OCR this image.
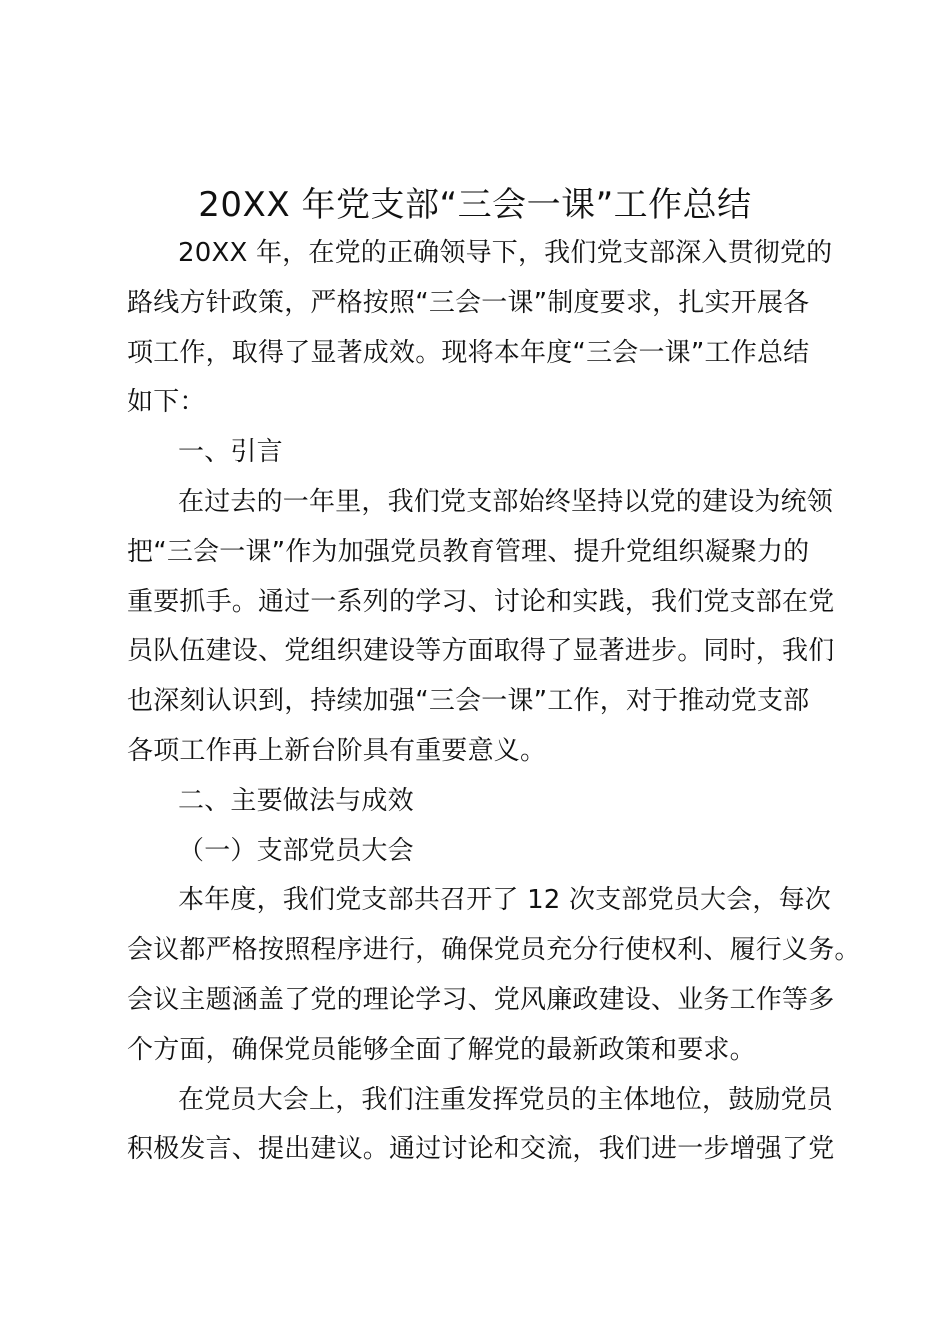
20XX 年党支部“三会一课”工作总结
20XX 年，在党的正确领导下，我们党支部深入贯彻党的
路线方针政策，严格按照“三会一课”制度要求，扎实开展各
项工作，取得了显著成效。现将本年度“三会一课”工作总结
如下：
一、引言
在过去的一年里，我们党支部始终坚持以党的建设为统领
把“三会一课”作为加强党员教育管理、提升党组织凝聚力的
重要抓手。通过一系列的学习、讨论和实践，我们党支部在党
员队伍建设、党组织建设等方面取得了显著进步。同时，我们
也深刻认识到，持续加强“三会一课”工作，对于推动党支部
各项工作再上新台阶具有重要意义。
二、主要做法与成效
（一）支部党员大会
本年度，我们党支部共召开了 12 次支部党员大会，每次
会议都严格按照程序进行，确保党员充分行使权利、履行义务。
会议主题涵盖了党的理论学习、党风廉政建设、业务工作等多
个方面，确保党员能够全面了解党的最新政策和要求。
在党员大会上，我们注重发挥党员的主体地位，鼓励党员
积极发言、提出建议。通过讨论和交流，我们进一步增强了党
